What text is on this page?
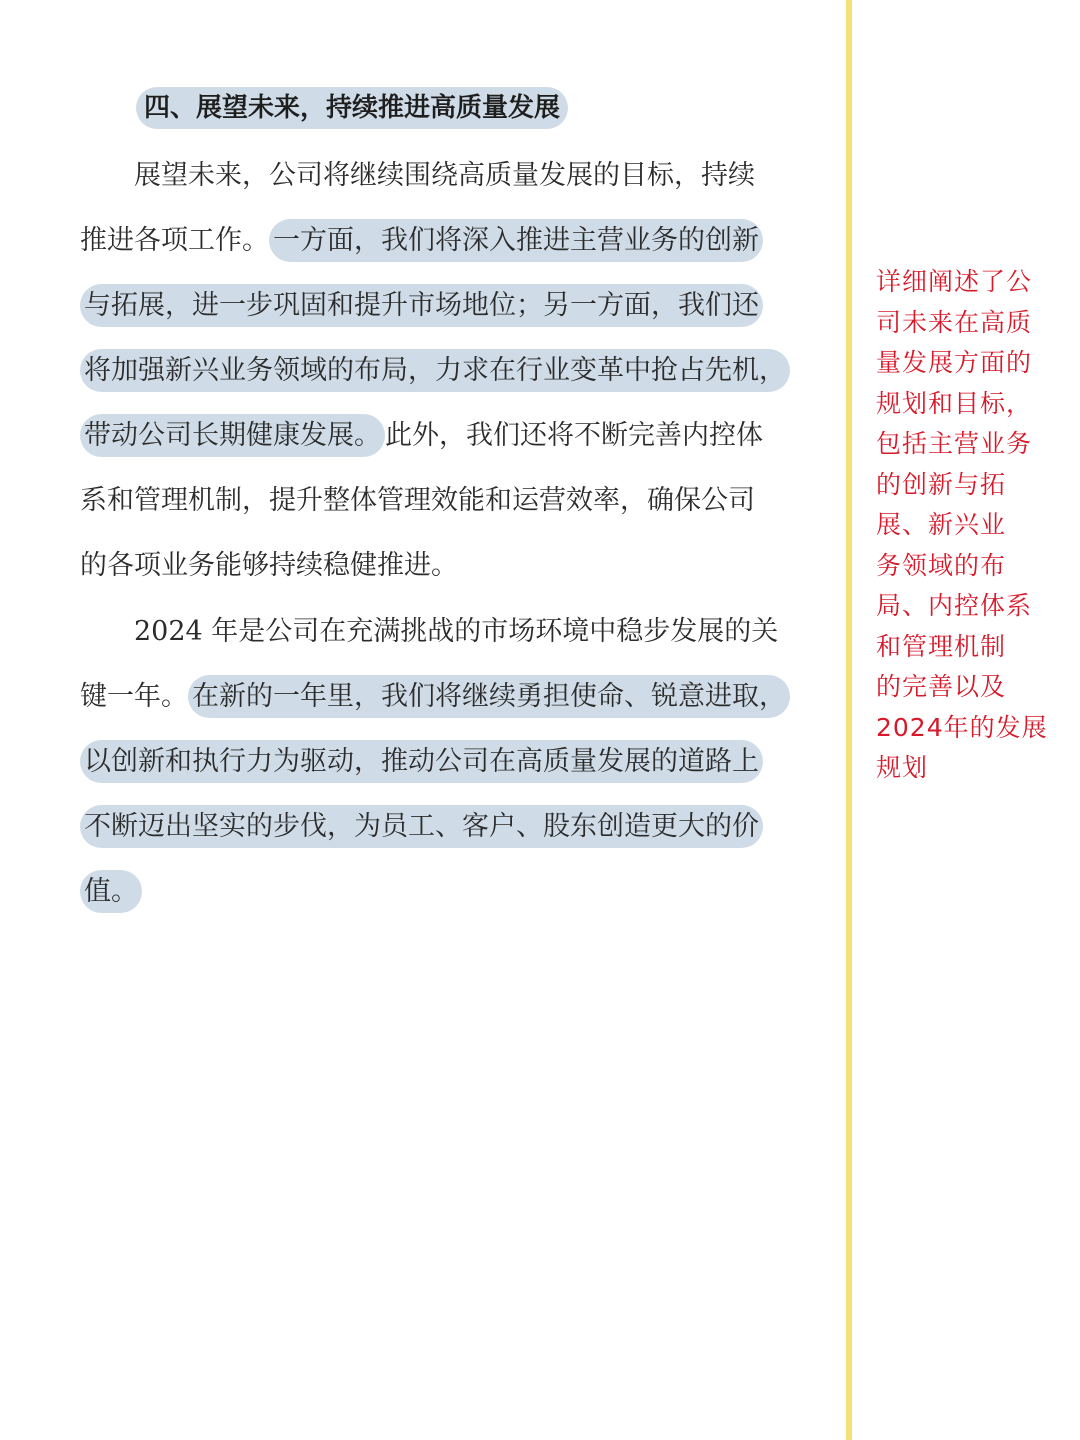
四、展望未来，持续推进高质量发展
　　展望未来，公司将继续围绕高质量发展的目标，持续
推进各项工作。 一方面，我们将深入推进主营业务的创新
与拓展，进一步巩固和提升市场地位；另一方面，我们还
将加强新兴业务领域的布局，力求在行业变革中抢占先机，
带动公司长期健康发展。 此外，我们还将不断完善内控体
系和管理机制，提升整体管理效能和运营效率，确保公司
的各项业务能够持续稳健推进。
　　2024 年是公司在充满挑战的市场环境中稳步发展的关
键一年。 在新的一年里，我们将继续勇担使命、锐意进取，
以创新和执行力为驱动，推动公司在高质量发展的道路上
不断迈出坚实的步伐，为员工、客户、股东创造更大的价
值。
详细阐述了公
司未来在高质
量发展方面的
规划和目标，
包括主营业务
的创新与拓
展、新兴业
务领域的布
局、内控体系
和管理机制
的完善以及
2024年的发展
规划
